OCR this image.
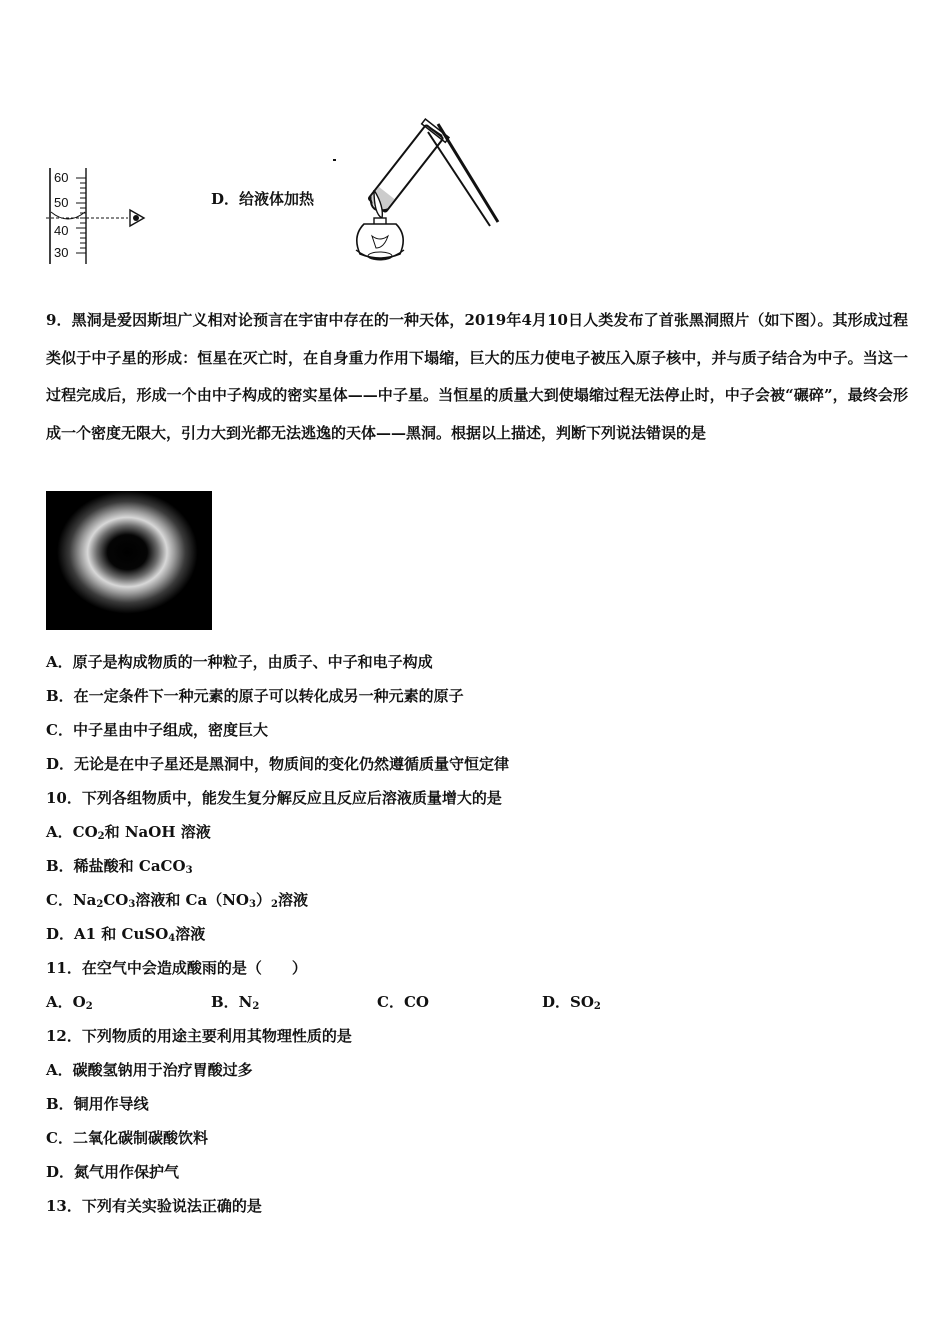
60
50
40
30
D．给液体加热
9．黑洞是爱因斯坦广义相对论预言在宇宙中存在的一种天体，2019年4月10日人类发布了首张黑洞照片（如下图）。其形成过程类似于中子星的形成：恒星在灭亡时，在自身重力作用下塌缩，巨大的压力使电子被压入原子核中，并与质子结合为中子。当这一过程完成后，形成一个由中子构成的密实星体——中子星。当恒星的质量大到使塌缩过程无法停止时，中子会被“碾碎”，最终会形成一个密度无限大，引力大到光都无法逃逸的天体——黑洞。根据以上描述，判断下列说法错误的是
A．原子是构成物质的一种粒子，由质子、中子和电子构成
B．在一定条件下一种元素的原子可以转化成另一种元素的原子
C．中子星由中子组成，密度巨大
D．无论是在中子星还是黑洞中，物质间的变化仍然遵循质量守恒定律
10．下列各组物质中，能发生复分解反应且反应后溶液质量增大的是
A．$CO_2$和 NaOH 溶液
B．稀盐酸和 CaCO$_3$
C．$Na_2CO_3$溶液和 $Ca(NO_3)_2$溶液
D．A1 和 CuSO$_4$溶液
11．在空气中会造成酸雨的是（　　）
A．$O_2$	B．$N_2$	C．CO	D．$SO_2$
12．下列物质的用途主要利用其物理性质的是
A．碳酸氢钠用于治疗胃酸过多
B．铜用作导线
C．二氧化碳制碳酸饮料
D．氮气用作保护气
13．下列有关实验说法正确的是
